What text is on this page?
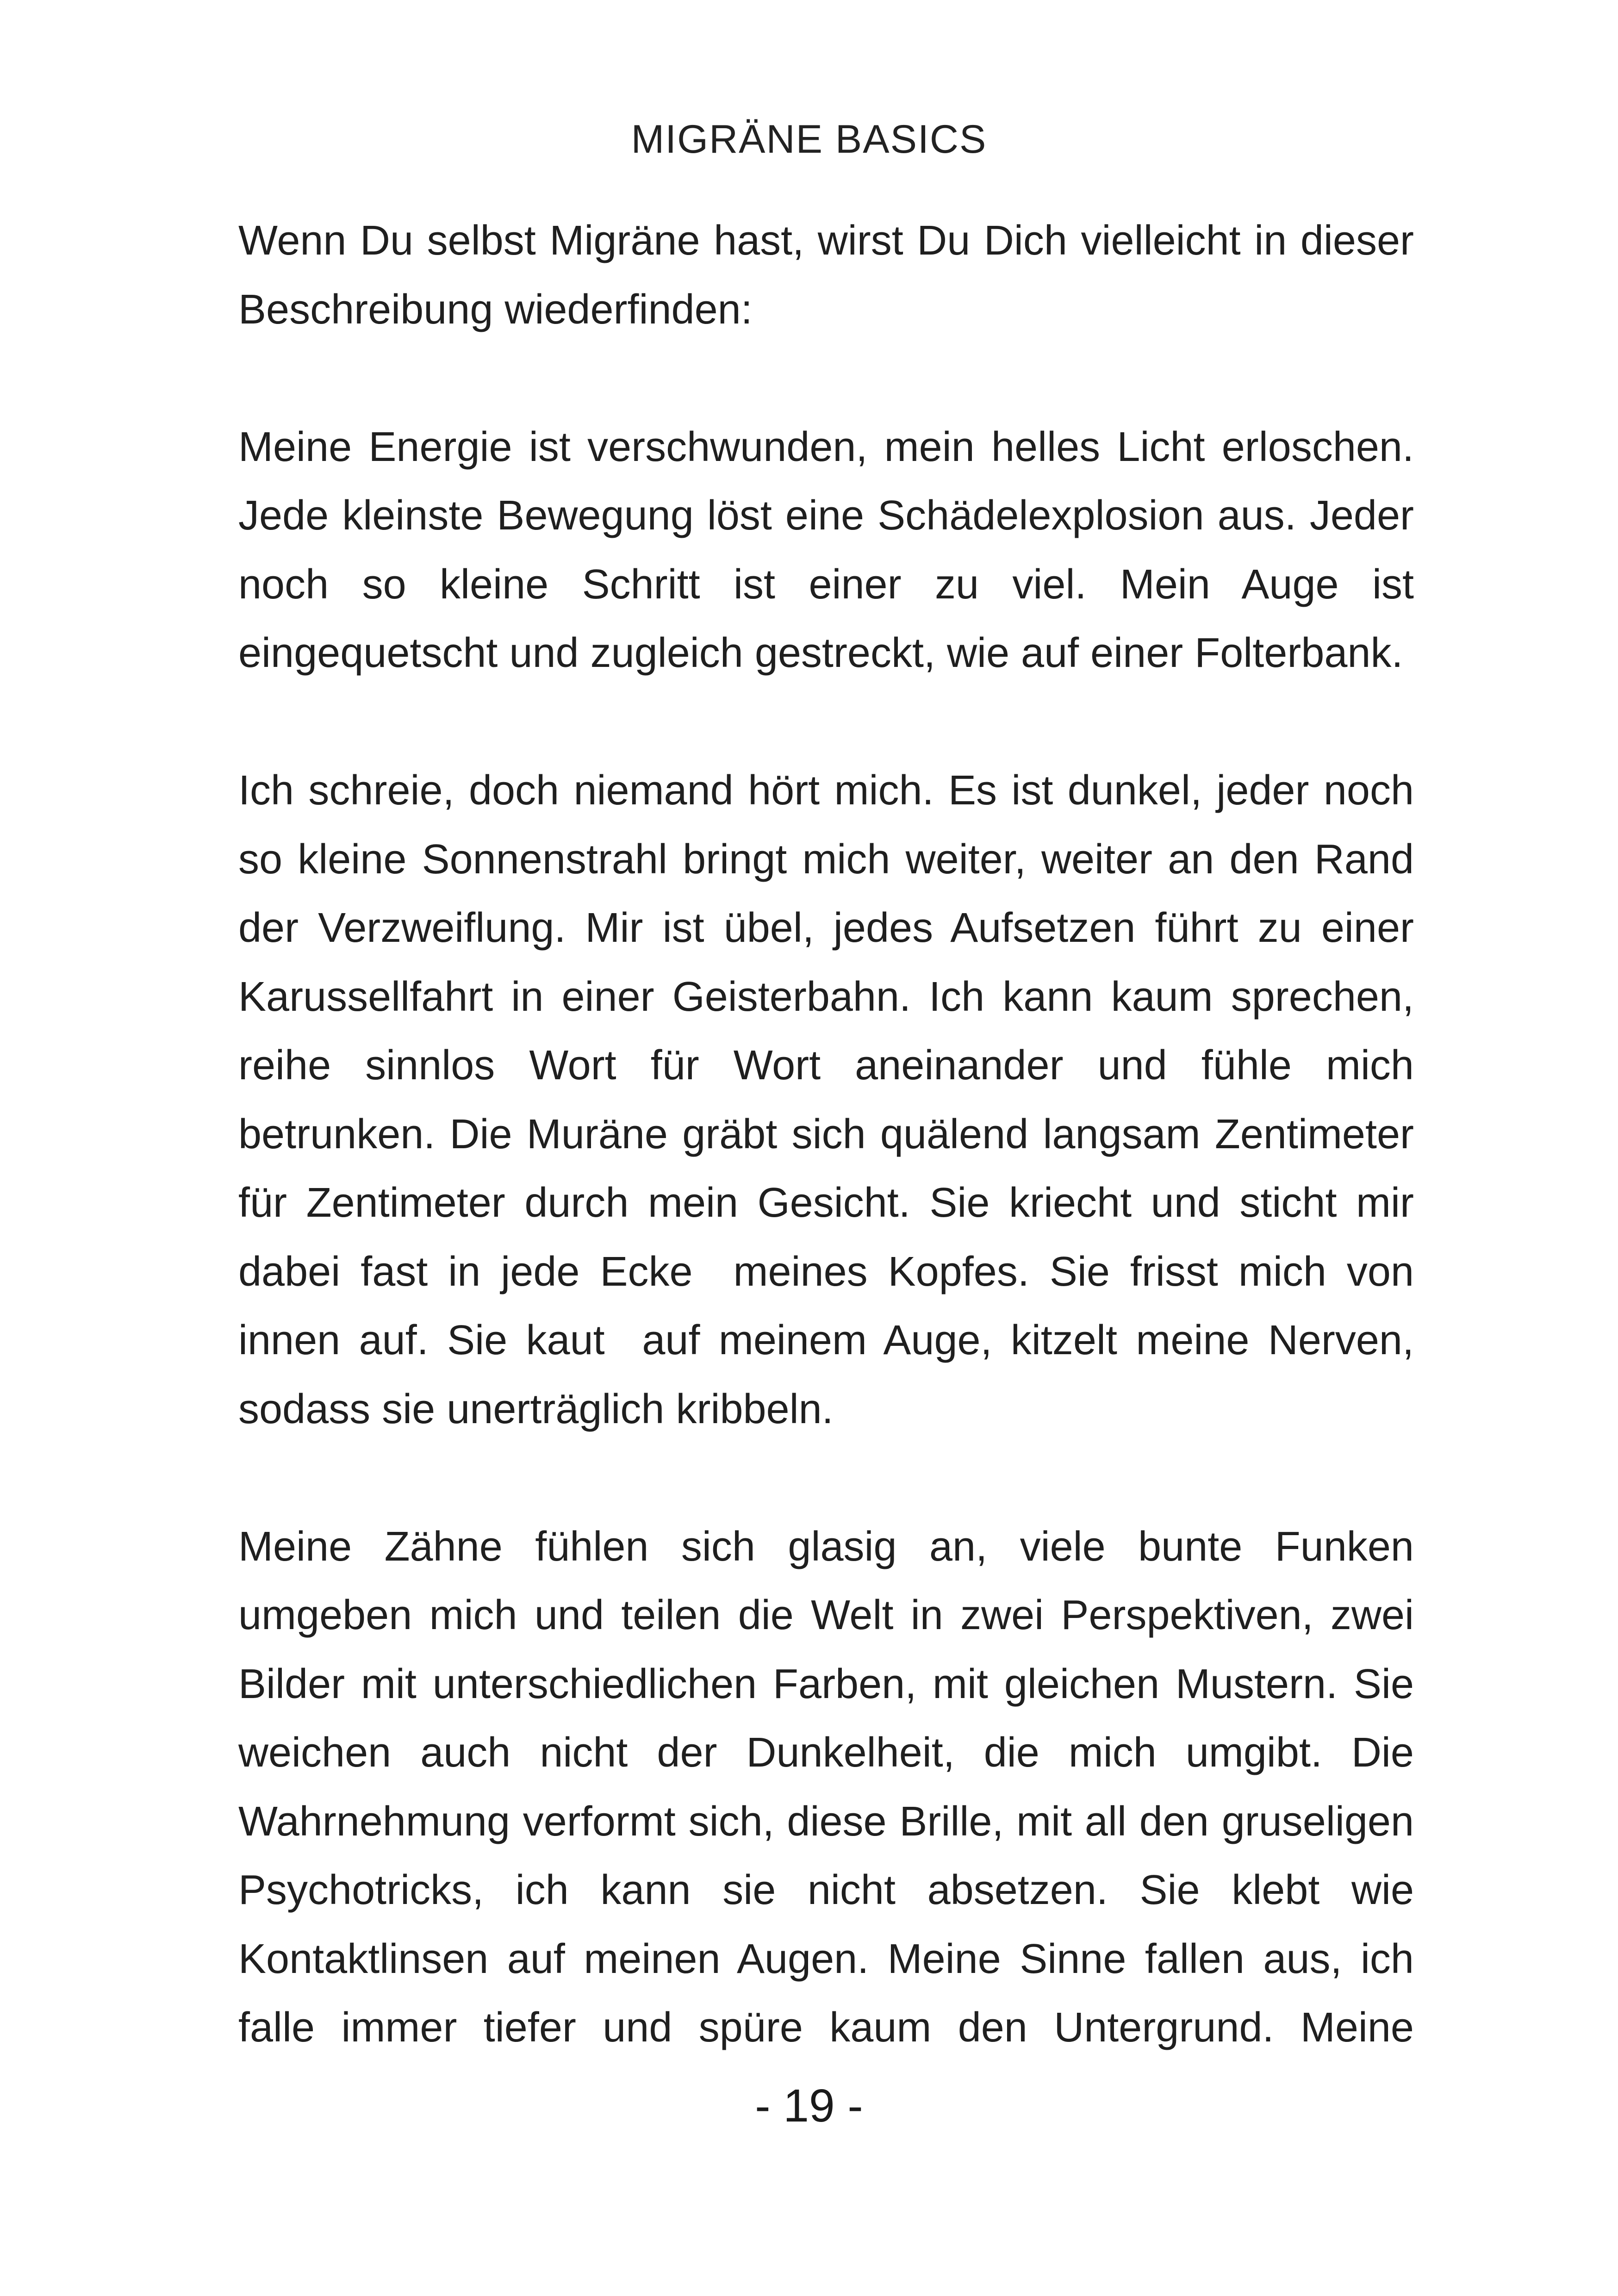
MIGRÄNE BASICS

Wenn Du selbst Migräne hast, wirst Du Dich vielleicht in dieser Beschreibung wiederfinden:

Meine Energie ist verschwunden, mein helles Licht erloschen. Jede kleinste Bewegung löst eine Schädelexplosion aus. Jeder noch so kleine Schritt ist einer zu viel. Mein Auge ist eingequetscht und zugleich gestreckt, wie auf einer Folterbank.

Ich schreie, doch niemand hört mich. Es ist dunkel, jeder noch so kleine Sonnenstrahl bringt mich weiter, weiter an den Rand der Verzweiflung. Mir ist übel, jedes Aufsetzen führt zu einer Karussellfahrt in einer Geisterbahn. Ich kann kaum sprechen, reihe sinnlos Wort für Wort aneinander und fühle mich betrunken. Die Muräne gräbt sich quälend langsam Zentimeter für Zentimeter durch mein Gesicht. Sie kriecht und sticht mir dabei fast in jede Ecke  meines Kopfes. Sie frisst mich von innen auf. Sie kaut  auf meinem Auge, kitzelt meine Nerven, sodass sie unerträglich kribbeln.

Meine Zähne fühlen sich glasig an, viele bunte Funken umgeben mich und teilen die Welt in zwei Perspektiven, zwei Bilder mit unterschiedlichen Farben, mit gleichen Mustern. Sie weichen auch nicht der Dunkelheit, die mich umgibt. Die Wahrnehmung verformt sich, diese Brille, mit all den gruseligen Psychotricks, ich kann sie nicht absetzen. Sie klebt wie Kontaktlinsen auf meinen Augen. Meine Sinne fallen aus, ich falle immer tiefer und spüre kaum den Untergrund. Meine

- 19 -
